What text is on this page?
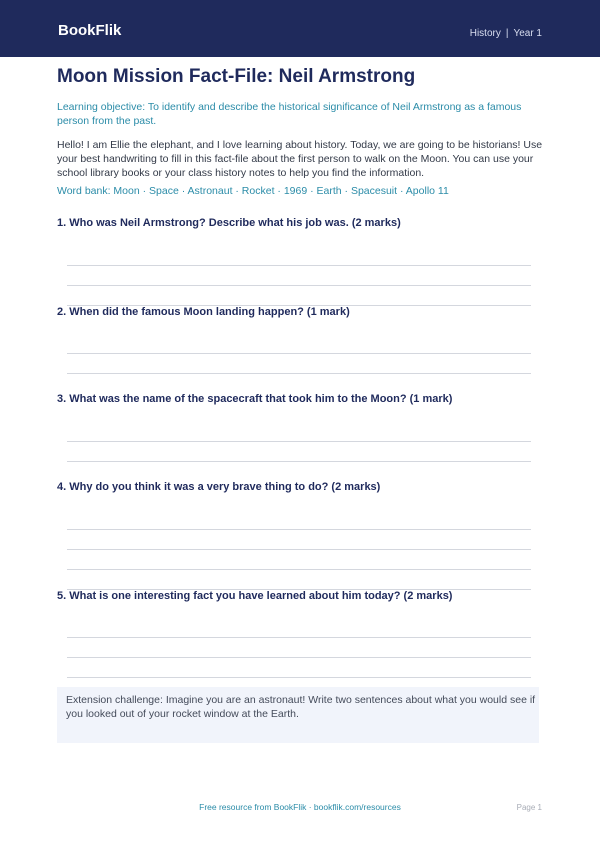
BookFlik	History | Year 1
Moon Mission Fact-File: Neil Armstrong
Learning objective: To identify and describe the historical significance of Neil Armstrong as a famous person from the past.
Hello! I am Ellie the elephant, and I love learning about history. Today, we are going to be historians! Use your best handwriting to fill in this fact-file about the first person to walk on the Moon. You can use your school library books or your class history notes to help you find the information.
Word bank: Moon · Space · Astronaut · Rocket · 1969 · Earth · Spacesuit · Apollo 11
1. Who was Neil Armstrong? Describe what his job was. (2 marks)
2. When did the famous Moon landing happen? (1 mark)
3. What was the name of the spacecraft that took him to the Moon? (1 mark)
4. Why do you think it was a very brave thing to do? (2 marks)
5. What is one interesting fact you have learned about him today? (2 marks)
Extension challenge: Imagine you are an astronaut! Write two sentences about what you would see if you looked out of your rocket window at the Earth.
Free resource from BookFlik · bookflik.com/resources	Page 1
